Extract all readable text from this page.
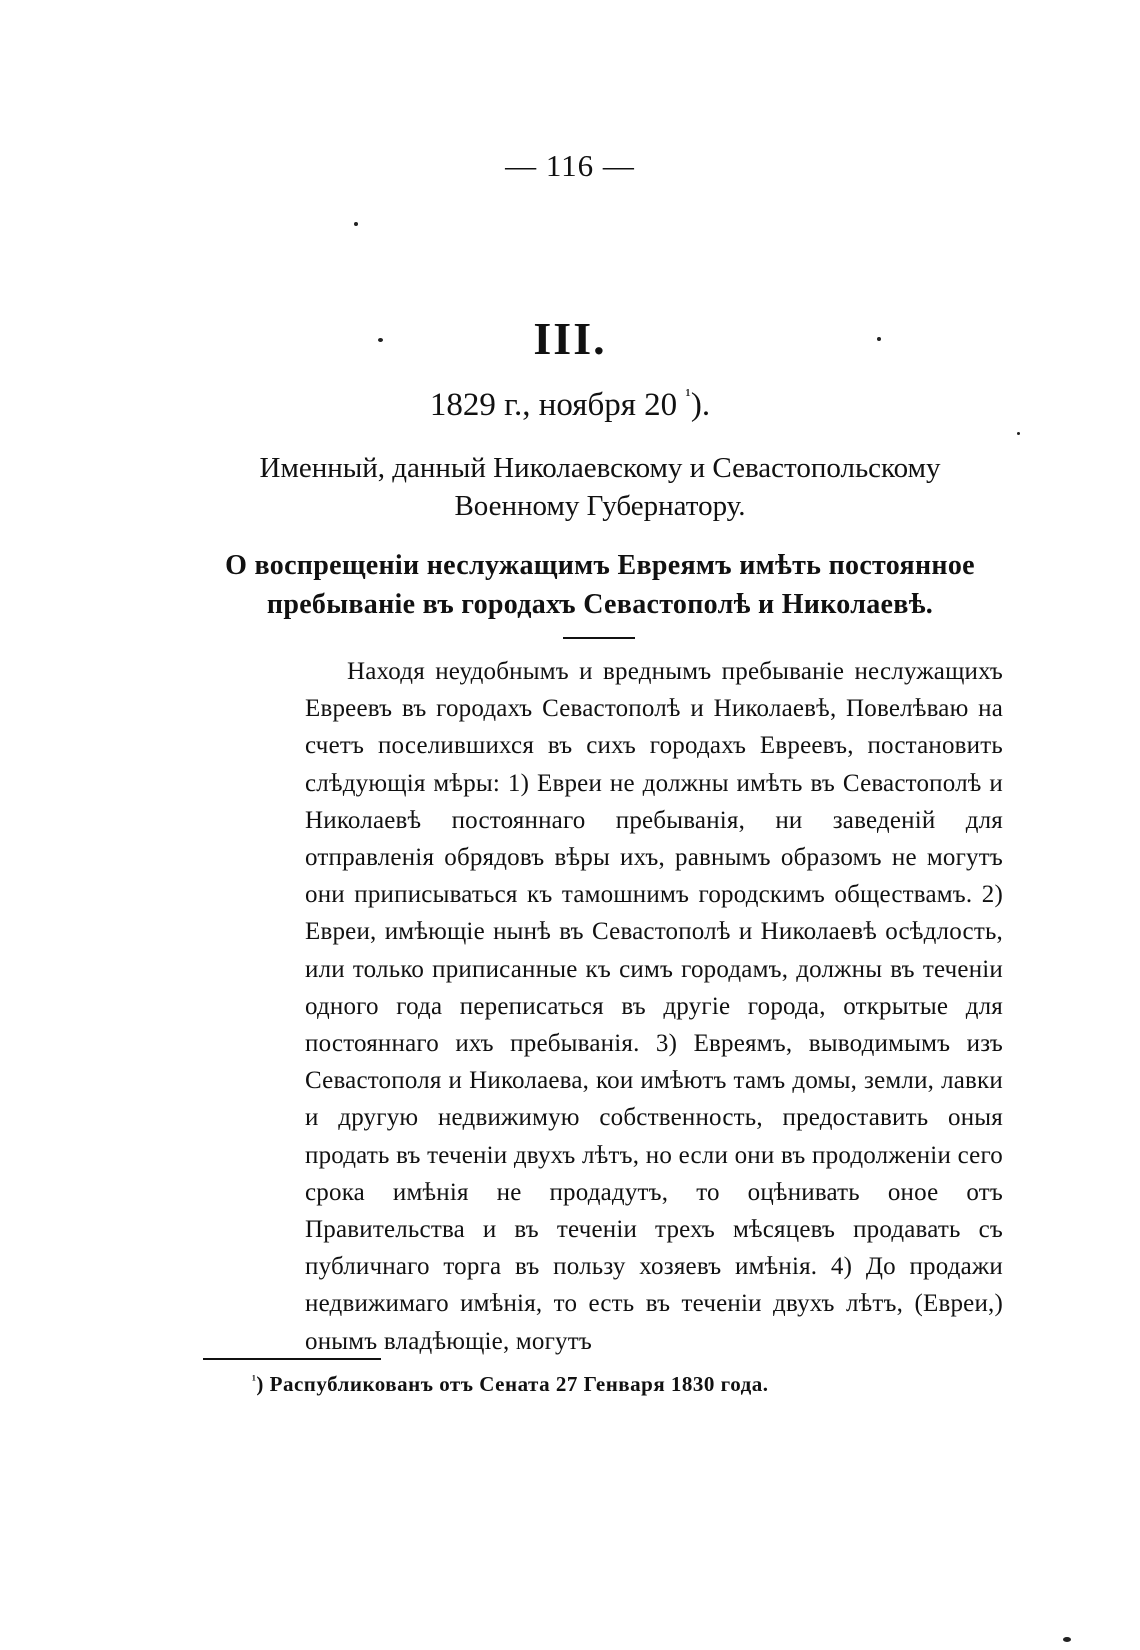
— 116 —
III.
1829 г., ноября 20 $^{^1}$).
Именный, данный Николаевскому и Севастопольскому Военному Губернатору.
О воспрещеніи неслужащимъ Евреямъ имѣть постоянное пребываніе въ городахъ Севастополѣ и Николаевѣ.
Находя неудобнымъ и вреднымъ пребываніе неслужащихъ Евреевъ въ городахъ Севастополѣ и Николаевѣ, Повелѣваю на счетъ поселившихся въ сихъ городахъ Евреевъ, постановить слѣдующія мѣры: 1) Евреи не должны имѣть въ Севастополѣ и Николаевѣ постояннаго пребыванія, ни заведеній для отправленія обрядовъ вѣры ихъ, равнымъ образомъ не могутъ они приписываться къ тамошнимъ городскимъ обществамъ. 2) Евреи, имѣющіе нынѣ въ Севастополѣ и Николаевѣ осѣдлость, или только приписанные къ симъ городамъ, должны въ теченіи одного года переписаться въ другіе города, открытые для постояннаго ихъ пребыванія. 3) Евреямъ, выводимымъ изъ Севастополя и Николаева, кои имѣютъ тамъ домы, земли, лавки и другую недвижимую собственность, предоставить оныя продать въ теченіи двухъ лѣтъ, но если они въ продолженіи сего срока имѣнія не продадутъ, то оцѣнивать оное отъ Правительства и въ теченіи трехъ мѣсяцевъ продавать съ публичнаго торга въ пользу хозяевъ имѣнія. 4) До продажи недвижимаго имѣнія, то есть въ теченіи двухъ лѣтъ, (Евреи,) онымъ владѣющіе, могутъ
$^{^1}$) Распубликованъ отъ Сената 27 Генваря 1830 года.
